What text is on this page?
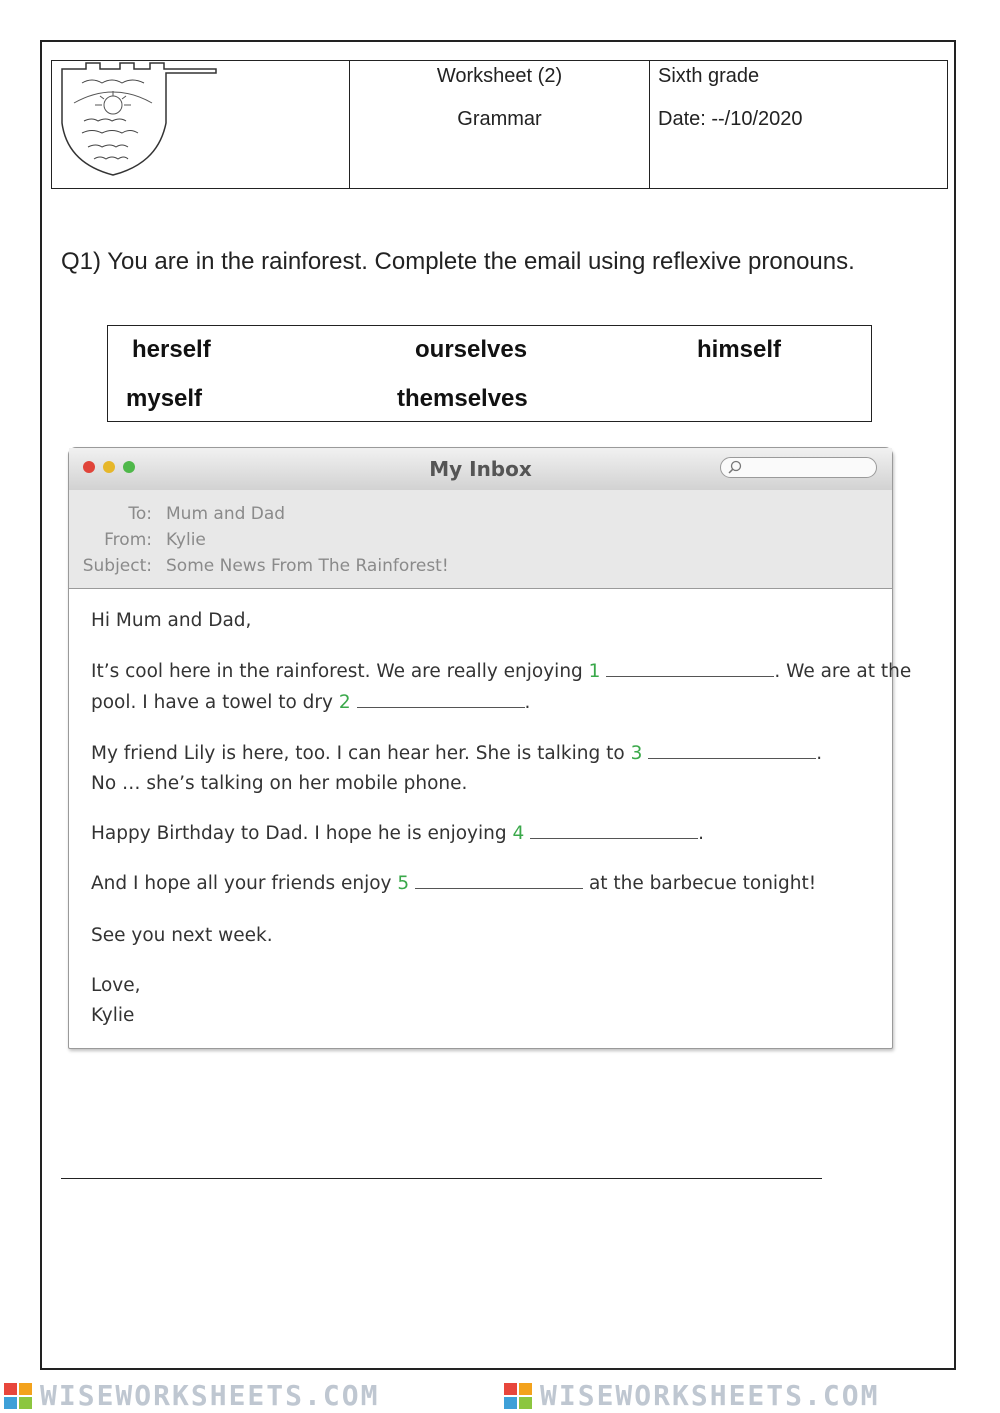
Worksheet (2)
Grammar
Sixth grade
Date: --/10/2020
Q1) You are in the rainforest. Complete the email using reflexive pronouns.
herself	ourselves	himself
myself	themselves
My Inbox
To: Mum and Dad
From: Kylie
Subject: Some News From The Rainforest!
Hi Mum and Dad,
It’s cool here in the rainforest. We are really enjoying 1	. We are at the
pool. I have a towel to dry 2	.
My friend Lily is here, too. I can hear her. She is talking to 3	.
No … she’s talking on her mobile phone.
Happy Birthday to Dad. I hope he is enjoying 4	.
And I hope all your friends enjoy 5	at the barbecue tonight!
See you next week.
Love,
Kylie
WISEWORKSHEETS.COM	WISEWORKSHEETS.COM
